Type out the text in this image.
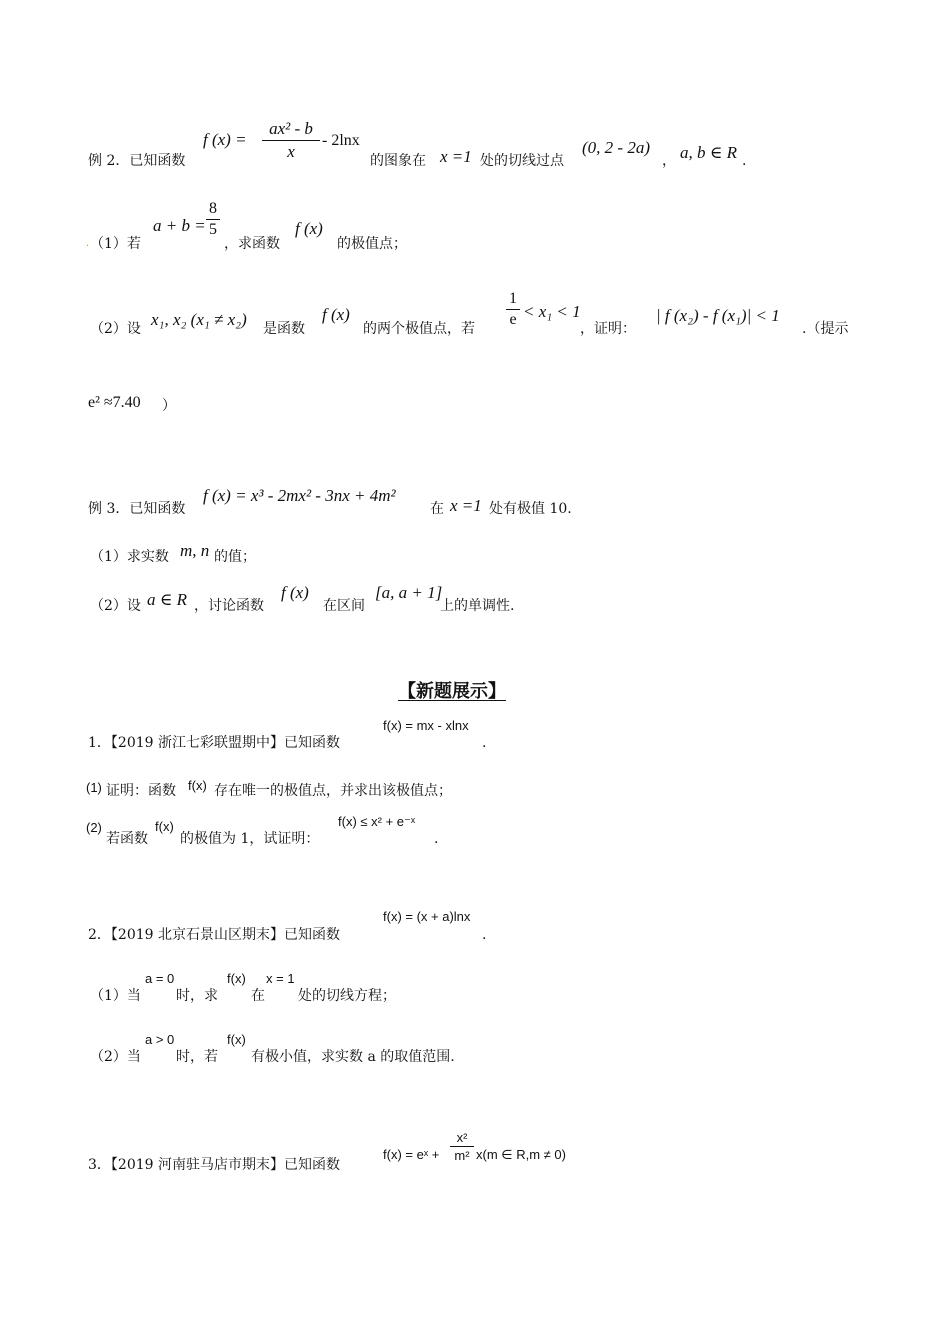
例 2．已知函数
f (x) =
ax² - b
x
- 2lnx
的图象在 x =1 处的切线过点
(0, 2 - 2a)
， a, b ∈ R .
. （1）若
a + b =
8
5
，求函数
f (x)
的极值点；
（2）设 x₁, x₂ (x₁ ≠ x₂) 是函数
f (x)
的两个极值点，若
1
e < x₁ < 1
，证明：
| f (x₂) - f (x₁)| < 1
.（提示
e² ≈7.40 ）
例 3．已知函数
f (x) = x³ - 2mx² - 3nx + 4m²
在 x =1 处有极值 10.
（1）求实数 m, n 的值；
（2）设 a ∈ R ，讨论函数
f (x)
在区间
[a, a + 1]
上的单调性.
【新题展示】
1．【2019 浙江七彩联盟期中】已知函数
f(x) = mx - xlnx
.
(1) 证明：函数 f(x) 存在唯一的极值点，并求出该极值点；
(2)
若函数
f(x)
的极值为 1，试证明：
f(x) ≤ x² + e⁻ˣ
.
2．【2019 北京石景山区期末】已知函数
f(x) = (x + a)lnx
.
（1）当
a = 0
时，求
f(x)
在
x = 1
处的切线方程；
（2）当
a > 0
时，若
f(x)
有极小值，求实数 a 的取值范围.
3．【2019 河南驻马店市期末】已知函数
f(x) = eˣ +
x²
m² x(m ∈ R,m ≠ 0)
